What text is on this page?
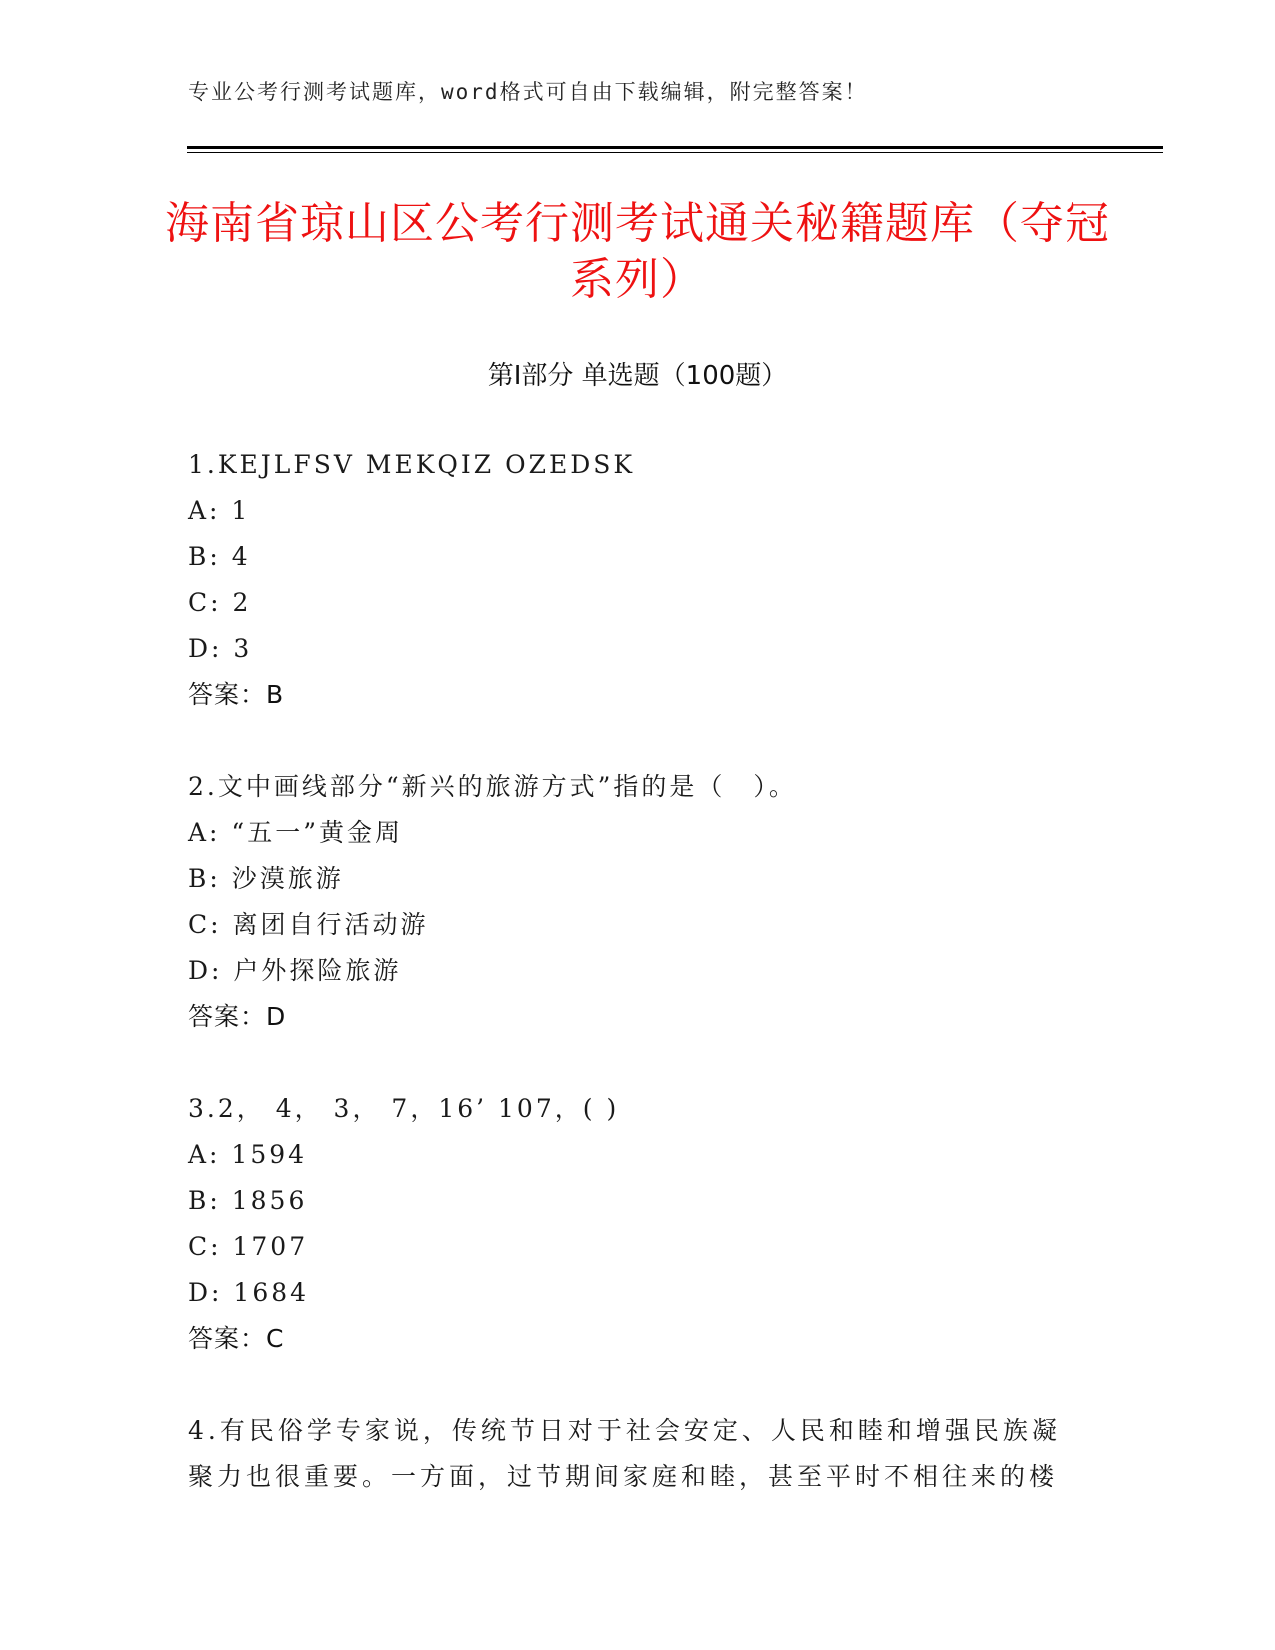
专业公考行测考试题库，word格式可自由下载编辑，附完整答案！
海南省琼山区公考行测考试通关秘籍题库（夺冠系列）
第Ⅰ部分 单选题（100题）
1.KEJLFSV MEKQIZ OZEDSK
A: 1
B: 4
C: 2
D: 3
答案：B
2.文中画线部分“新兴的旅游方式”指的是（　）。
A: “五一”黄金周
B: 沙漠旅游
C: 离团自行活动游
D: 户外探险旅游
答案：D
3.2， 4， 3， 7，16’ 107，( )
A: 1594
B: 1856
C: 1707
D: 1684
答案：C
4.有民俗学专家说，传统节日对于社会安定、人民和睦和增强民族凝聚力也很重要。一方面，过节期间家庭和睦，甚至平时不相往来的楼
